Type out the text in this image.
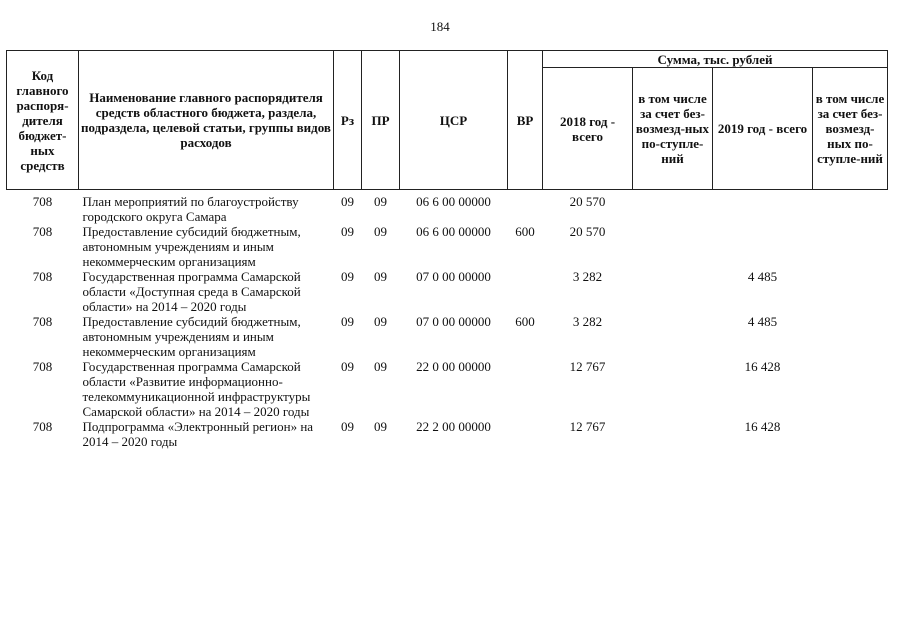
184
Код главного распоря-дителя бюджет-ных средств	Наименование главного распорядителя средств областного бюджета, раздела, подраздела, целевой статьи, группы видов расходов	Рз	ПР	ЦСР	ВР	Сумма, тыс. рублей			
						2018 год - всего	в том числе за счет без-возмезд-ных по-ступле-ний	2019 год - всего	в том числе за счет без-возмезд-ных по-ступле-ний
708	План мероприятий по благоустройству городского округа Самара	09	09	06 6 00 00000		20 570			
708	Предоставление субсидий бюджетным, автономным учреждениям и иным некоммерческим организациям	09	09	06 6 00 00000	600	20 570			
708	Государственная программа Самарской области «Доступная среда в Самарской области» на 2014 – 2020 годы	09	09	07 0 00 00000		3 282		4 485	
708	Предоставление субсидий бюджетным, автономным учреждениям и иным некоммерческим организациям	09	09	07 0 00 00000	600	3 282		4 485	
708	Государственная программа Самарской области «Развитие информационно-телекоммуникационной инфраструктуры Самарской области» на 2014 – 2020 годы	09	09	22 0 00 00000		12 767		16 428	
708	Подпрограмма «Электронный регион» на 2014 – 2020 годы	09	09	22 2 00 00000		12 767		16 428	
